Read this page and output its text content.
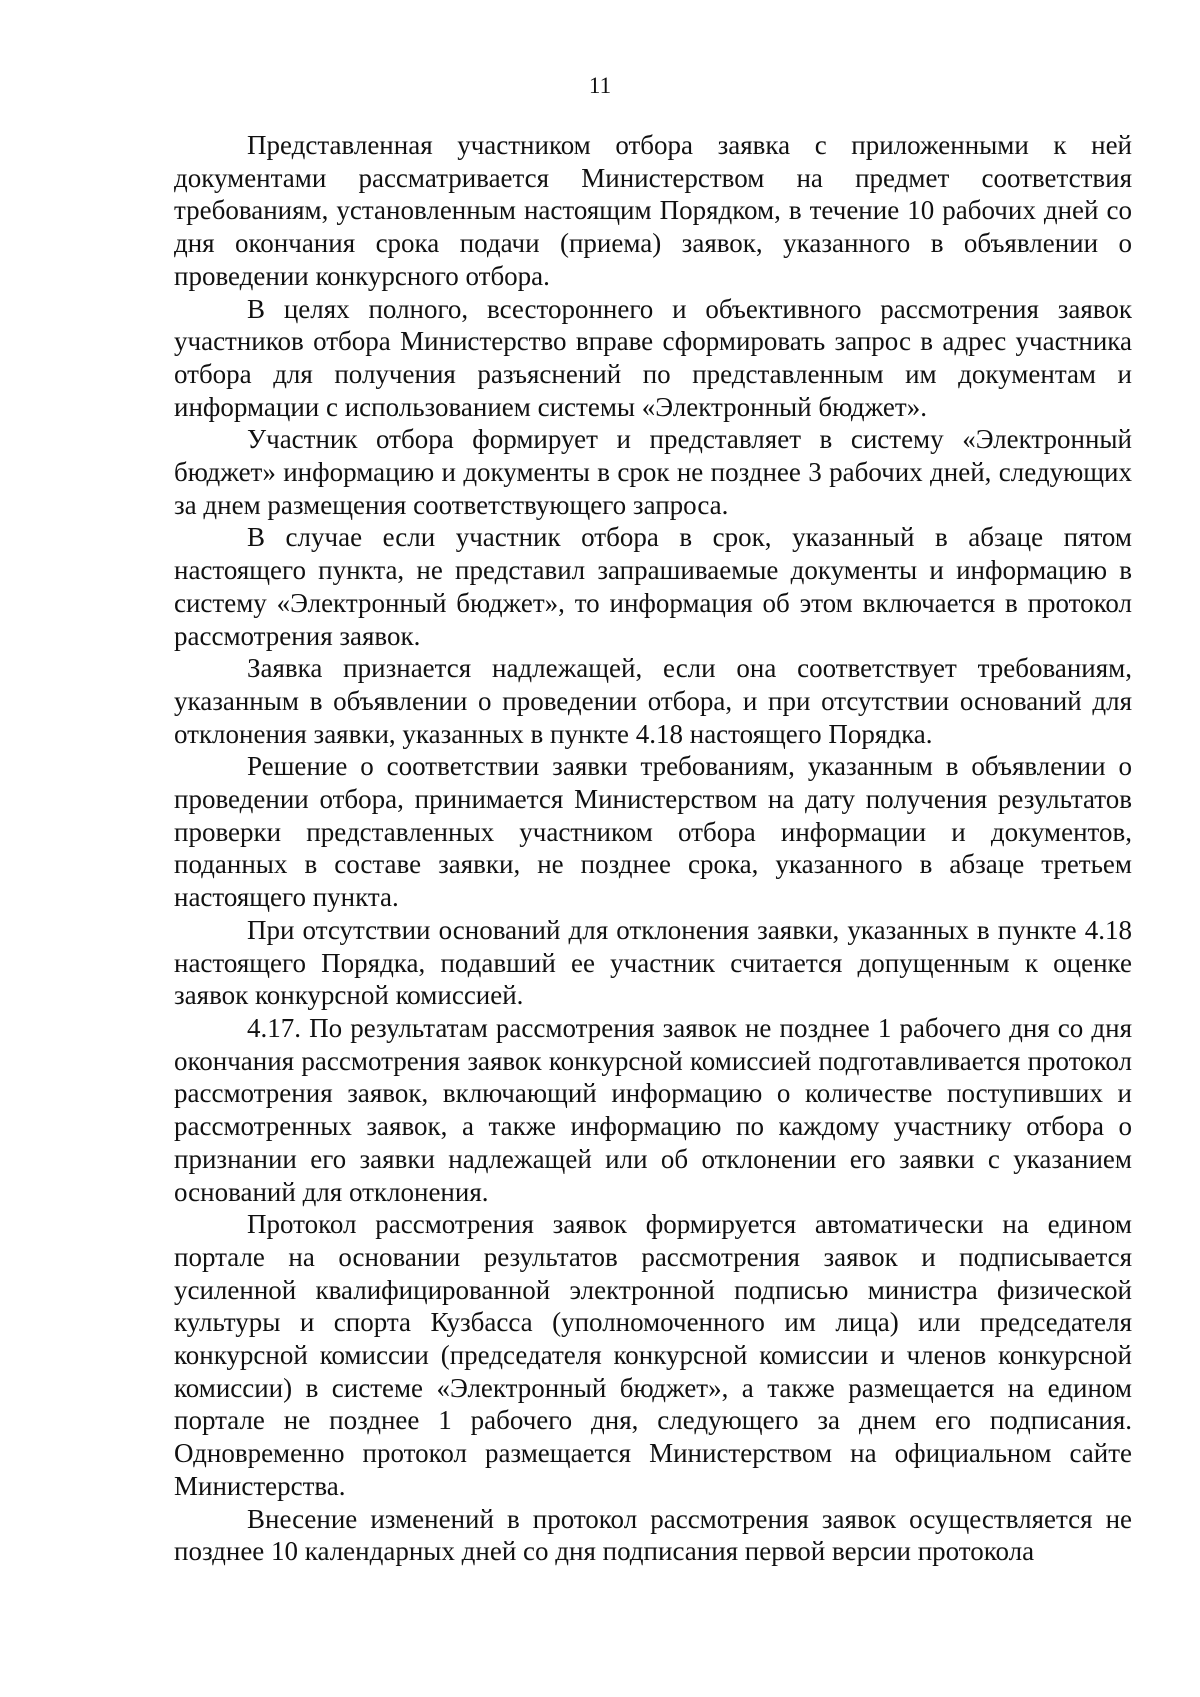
11

Представленная участником отбора заявка с приложенными к ней документами рассматривается Министерством на предмет соответствия требованиям, установленным настоящим Порядком, в течение 10 рабочих дней со дня окончания срока подачи (приема) заявок, указанного в объявлении о проведении конкурсного отбора.

В целях полного, всестороннего и объективного рассмотрения заявок участников отбора Министерство вправе сформировать запрос в адрес участника отбора для получения разъяснений по представленным им документам и информации с использованием системы «Электронный бюджет».

Участник отбора формирует и представляет в систему «Электронный бюджет» информацию и документы в срок не позднее 3 рабочих дней, следующих за днем размещения соответствующего запроса.

В случае если участник отбора в срок, указанный в абзаце пятом настоящего пункта, не представил запрашиваемые документы и информацию в систему «Электронный бюджет», то информация об этом включается в протокол рассмотрения заявок.

Заявка признается надлежащей, если она соответствует требованиям, указанным в объявлении о проведении отбора, и при отсутствии оснований для отклонения заявки, указанных в пункте 4.18 настоящего Порядка.

Решение о соответствии заявки требованиям, указанным в объявлении о проведении отбора, принимается Министерством на дату получения результатов проверки представленных участником отбора информации и документов, поданных в составе заявки, не позднее срока, указанного в абзаце третьем настоящего пункта.

При отсутствии оснований для отклонения заявки, указанных в пункте 4.18 настоящего Порядка, подавший ее участник считается допущенным к оценке заявок конкурсной комиссией.

4.17. По результатам рассмотрения заявок не позднее 1 рабочего дня со дня окончания рассмотрения заявок конкурсной комиссией подготавливается протокол рассмотрения заявок, включающий информацию о количестве поступивших и рассмотренных заявок, а также информацию по каждому участнику отбора о признании его заявки надлежащей или об отклонении его заявки с указанием оснований для отклонения.

Протокол рассмотрения заявок формируется автоматически на едином портале на основании результатов рассмотрения заявок и подписывается усиленной квалифицированной электронной подписью министра физической культуры и спорта Кузбасса (уполномоченного им лица) или председателя конкурсной комиссии (председателя конкурсной комиссии и членов конкурсной комиссии) в системе «Электронный бюджет», а также размещается на едином портале не позднее 1 рабочего дня, следующего за днем его подписания. Одновременно протокол размещается Министерством на официальном сайте Министерства.

Внесение изменений в протокол рассмотрения заявок осуществляется не позднее 10 календарных дней со дня подписания первой версии протокола
